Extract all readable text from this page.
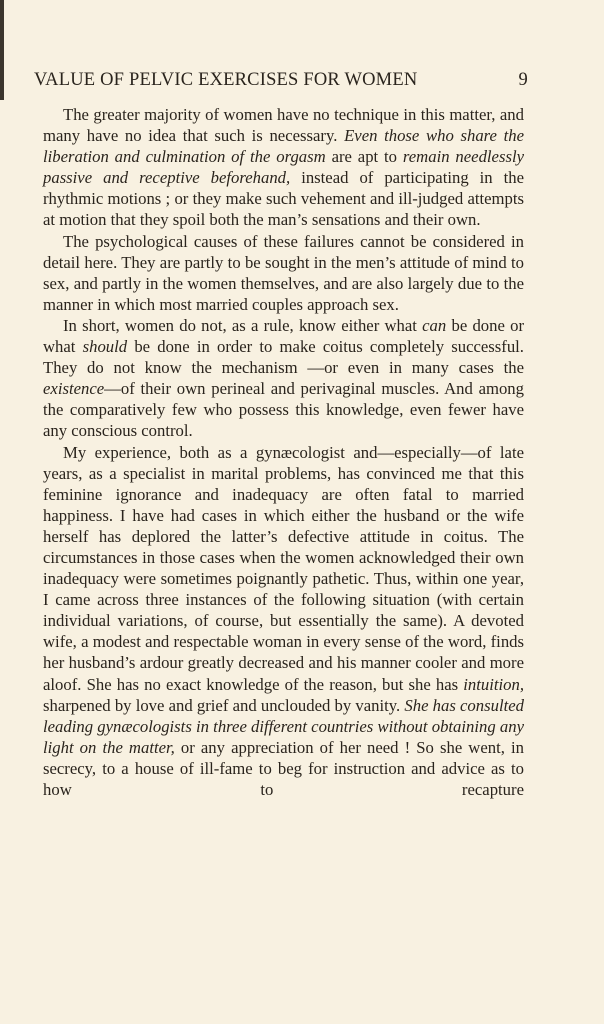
VALUE OF PELVIC EXERCISES FOR WOMEN	9

The greater majority of women have no technique in this matter, and many have no idea that such is necessary. Even those who share the liberation and culmination of the orgasm are apt to remain needlessly passive and receptive beforehand, instead of participating in the rhythmic motions ; or they make such vehement and ill-judged attempts at motion that they spoil both the man’s sensations and their own.

The psychological causes of these failures cannot be considered in detail here. They are partly to be sought in the men’s attitude of mind to sex, and partly in the women themselves, and are also largely due to the manner in which most married couples approach sex.

In short, women do not, as a rule, know either what can be done or what should be done in order to make coitus completely successful. They do not know the mechanism —or even in many cases the existence—of their own perineal and perivaginal muscles. And among the comparatively few who possess this knowledge, even fewer have any conscious control.

My experience, both as a gynæcologist and—especially—of late years, as a specialist in marital problems, has convinced me that this feminine ignorance and inadequacy are often fatal to married happiness. I have had cases in which either the husband or the wife herself has deplored the latter’s defective attitude in coitus. The circumstances in those cases when the women acknowledged their own inadequacy were sometimes poignantly pathetic. Thus, within one year, I came across three instances of the following situation (with certain individual variations, of course, but essentially the same). A devoted wife, a modest and respectable woman in every sense of the word, finds her husband’s ardour greatly decreased and his manner cooler and more aloof. She has no exact knowledge of the reason, but she has intuition, sharpened by love and grief and unclouded by vanity. She has consulted leading gynæcologists in three different countries without obtaining any light on the matter, or any appreciation of her need ! So she went, in secrecy, to a house of ill-fame to beg for instruction and advice as to how to recapture
